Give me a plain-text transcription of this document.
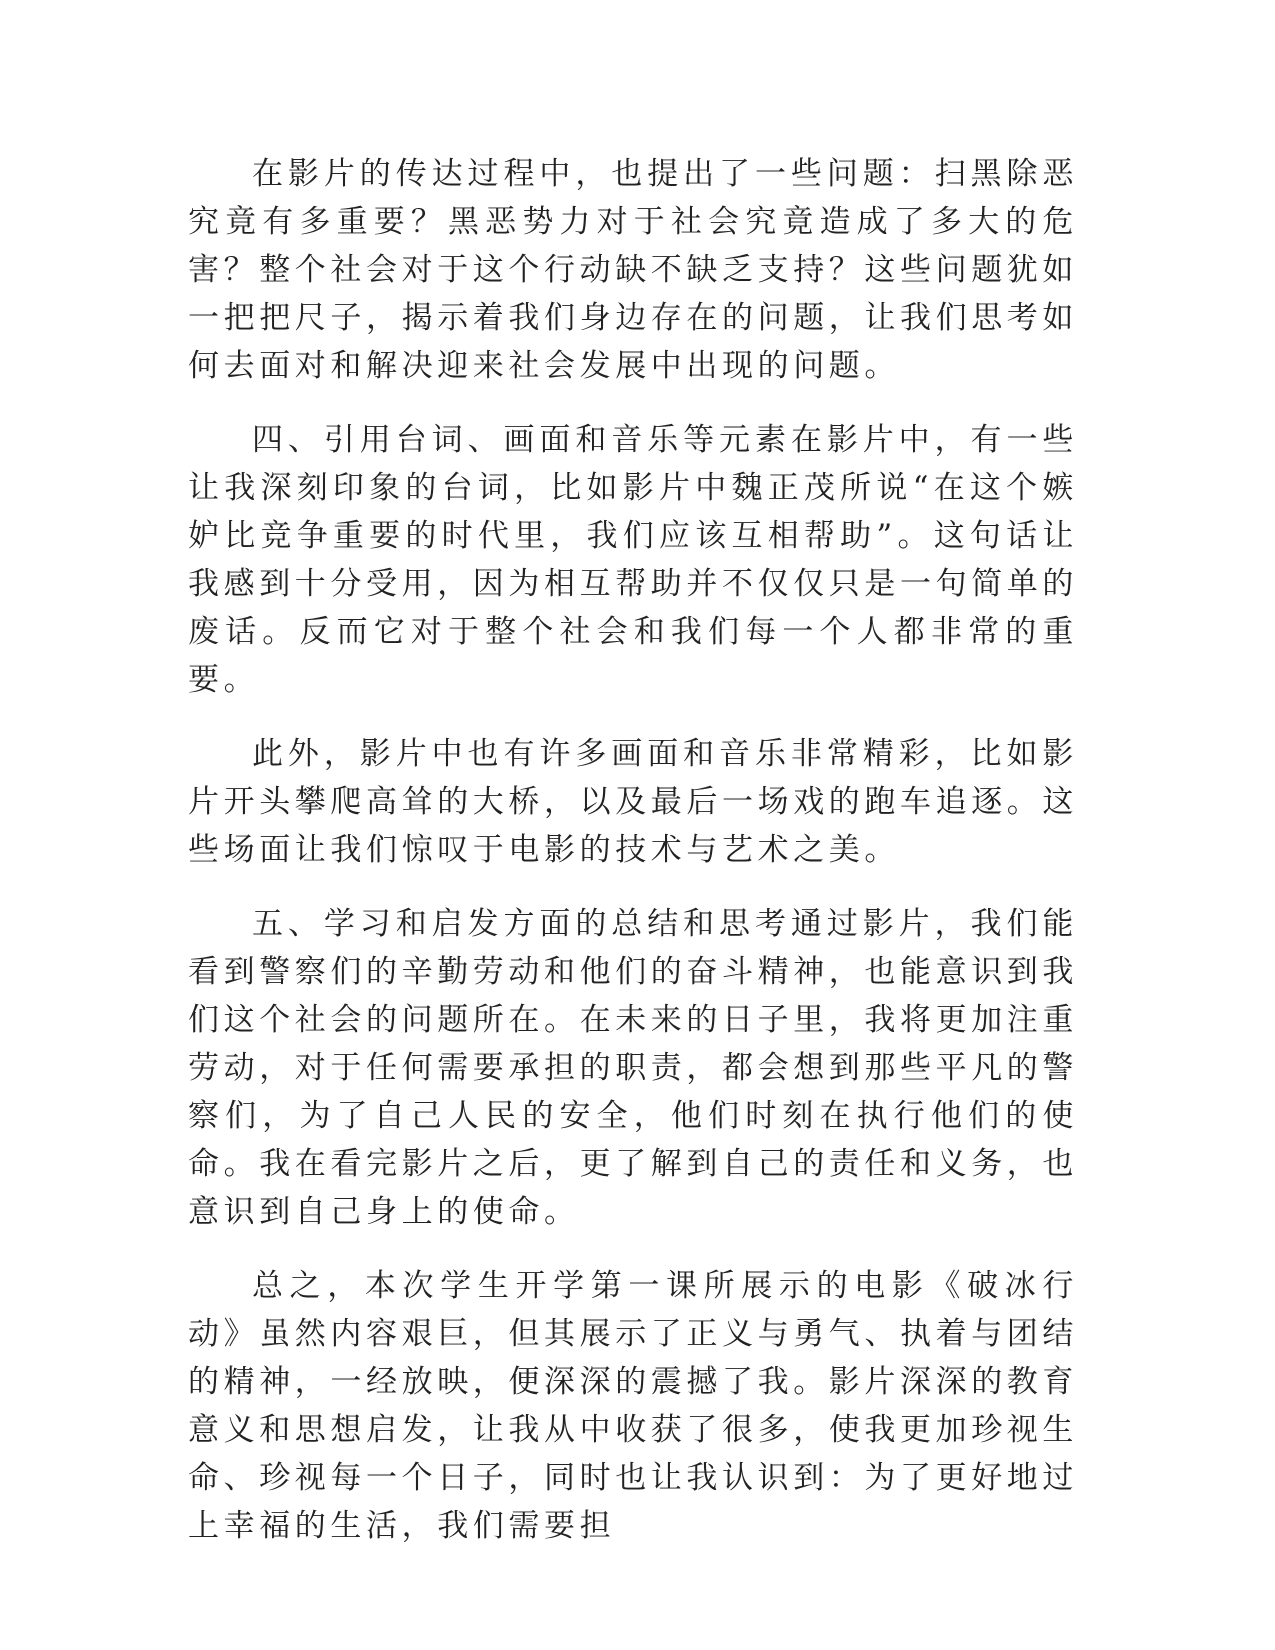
在影片的传达过程中，也提出了一些问题：扫黑除恶究竟有多重要？黑恶势力对于社会究竟造成了多大的危害？整个社会对于这个行动缺不缺乏支持？这些问题犹如一把把尺子，揭示着我们身边存在的问题，让我们思考如何去面对和解决迎来社会发展中出现的问题。

四、引用台词、画面和音乐等元素在影片中，有一些让我深刻印象的台词，比如影片中魏正茂所说“在这个嫉妒比竞争重要的时代里，我们应该互相帮助”。这句话让我感到十分受用，因为相互帮助并不仅仅只是一句简单的废话。反而它对于整个社会和我们每一个人都非常的重要。

此外，影片中也有许多画面和音乐非常精彩，比如影片开头攀爬高耸的大桥，以及最后一场戏的跑车追逐。这些场面让我们惊叹于电影的技术与艺术之美。

五、学习和启发方面的总结和思考通过影片，我们能看到警察们的辛勤劳动和他们的奋斗精神，也能意识到我们这个社会的问题所在。在未来的日子里，我将更加注重劳动，对于任何需要承担的职责，都会想到那些平凡的警察们，为了自己人民的安全，他们时刻在执行他们的使命。我在看完影片之后，更了解到自己的责任和义务，也意识到自己身上的使命。

总之，本次学生开学第一课所展示的电影《破冰行动》虽然内容艰巨，但其展示了正义与勇气、执着与团结的精神，一经放映，便深深的震撼了我。影片深深的教育意义和思想启发，让我从中收获了很多，使我更加珍视生命、珍视每一个日子，同时也让我认识到：为了更好地过上幸福的生活，我们需要担
